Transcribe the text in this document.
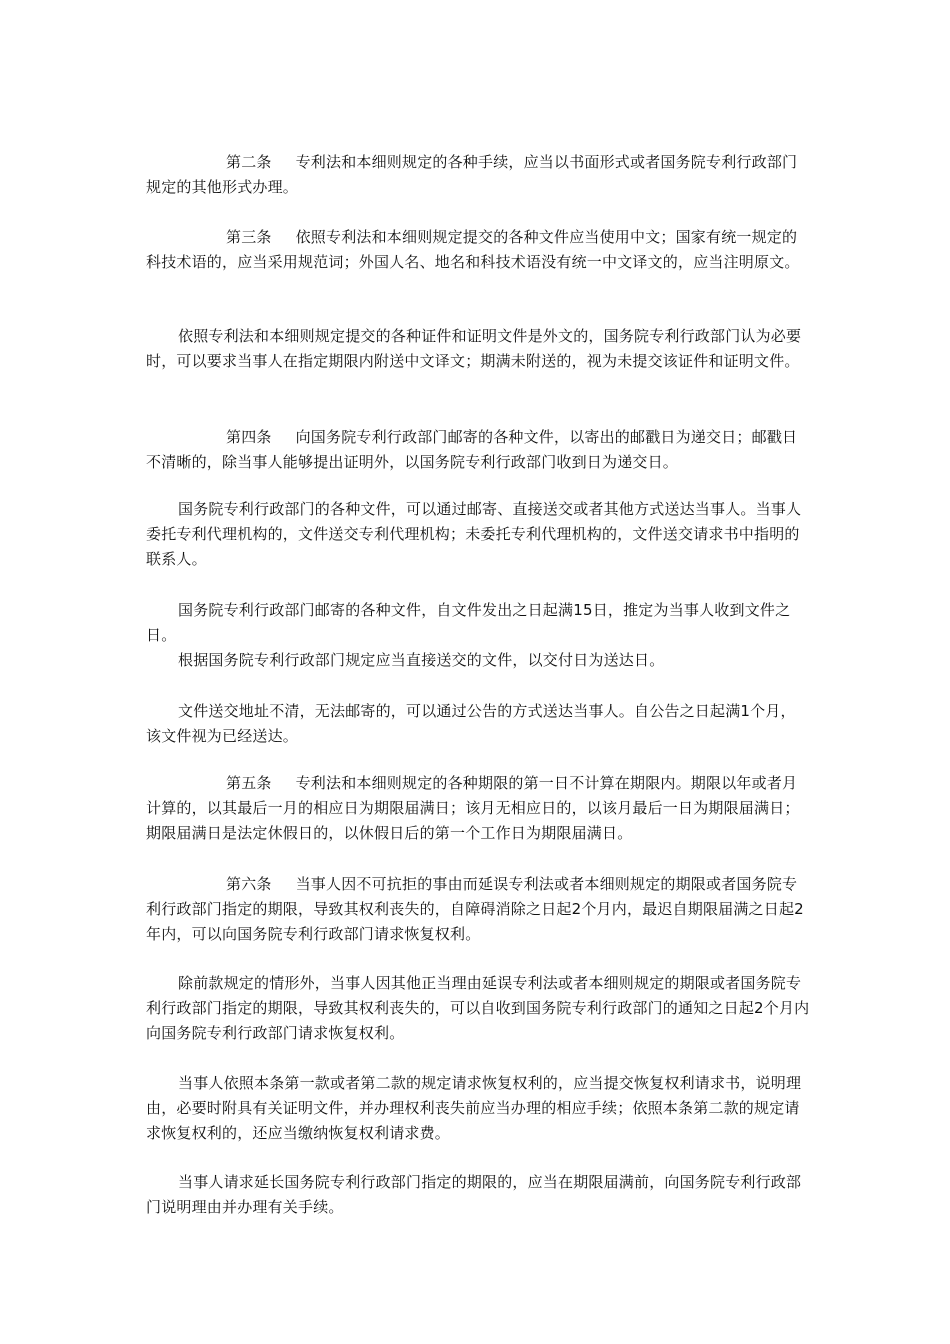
第二条 专利法和本细则规定的各种手续，应当以书面形式或者国务院专利行政部门规定的其他形式办理。

第三条 依照专利法和本细则规定提交的各种文件应当使用中文；国家有统一规定的科技术语的，应当采用规范词；外国人名、地名和科技术语没有统一中文译文的，应当注明原文。

依照专利法和本细则规定提交的各种证件和证明文件是外文的，国务院专利行政部门认为必要时，可以要求当事人在指定期限内附送中文译文；期满未附送的，视为未提交该证件和证明文件。

第四条 向国务院专利行政部门邮寄的各种文件，以寄出的邮戳日为递交日；邮戳日不清晰的，除当事人能够提出证明外，以国务院专利行政部门收到日为递交日。

国务院专利行政部门的各种文件，可以通过邮寄、直接送交或者其他方式送达当事人。当事人委托专利代理机构的，文件送交专利代理机构；未委托专利代理机构的，文件送交请求书中指明的联系人。

国务院专利行政部门邮寄的各种文件，自文件发出之日起满15日，推定为当事人收到文件之日。

根据国务院专利行政部门规定应当直接送交的文件，以交付日为送达日。

文件送交地址不清，无法邮寄的，可以通过公告的方式送达当事人。自公告之日起满1个月，该文件视为已经送达。

第五条 专利法和本细则规定的各种期限的第一日不计算在期限内。期限以年或者月计算的，以其最后一月的相应日为期限届满日；该月无相应日的，以该月最后一日为期限届满日；期限届满日是法定休假日的，以休假日后的第一个工作日为期限届满日。

第六条 当事人因不可抗拒的事由而延误专利法或者本细则规定的期限或者国务院专利行政部门指定的期限，导致其权利丧失的，自障碍消除之日起2个月内，最迟自期限届满之日起2年内，可以向国务院专利行政部门请求恢复权利。

除前款规定的情形外，当事人因其他正当理由延误专利法或者本细则规定的期限或者国务院专利行政部门指定的期限，导致其权利丧失的，可以自收到国务院专利行政部门的通知之日起2个月内向国务院专利行政部门请求恢复权利。

当事人依照本条第一款或者第二款的规定请求恢复权利的，应当提交恢复权利请求书，说明理由，必要时附具有关证明文件，并办理权利丧失前应当办理的相应手续；依照本条第二款的规定请求恢复权利的，还应当缴纳恢复权利请求费。

当事人请求延长国务院专利行政部门指定的期限的，应当在期限届满前，向国务院专利行政部门说明理由并办理有关手续。
